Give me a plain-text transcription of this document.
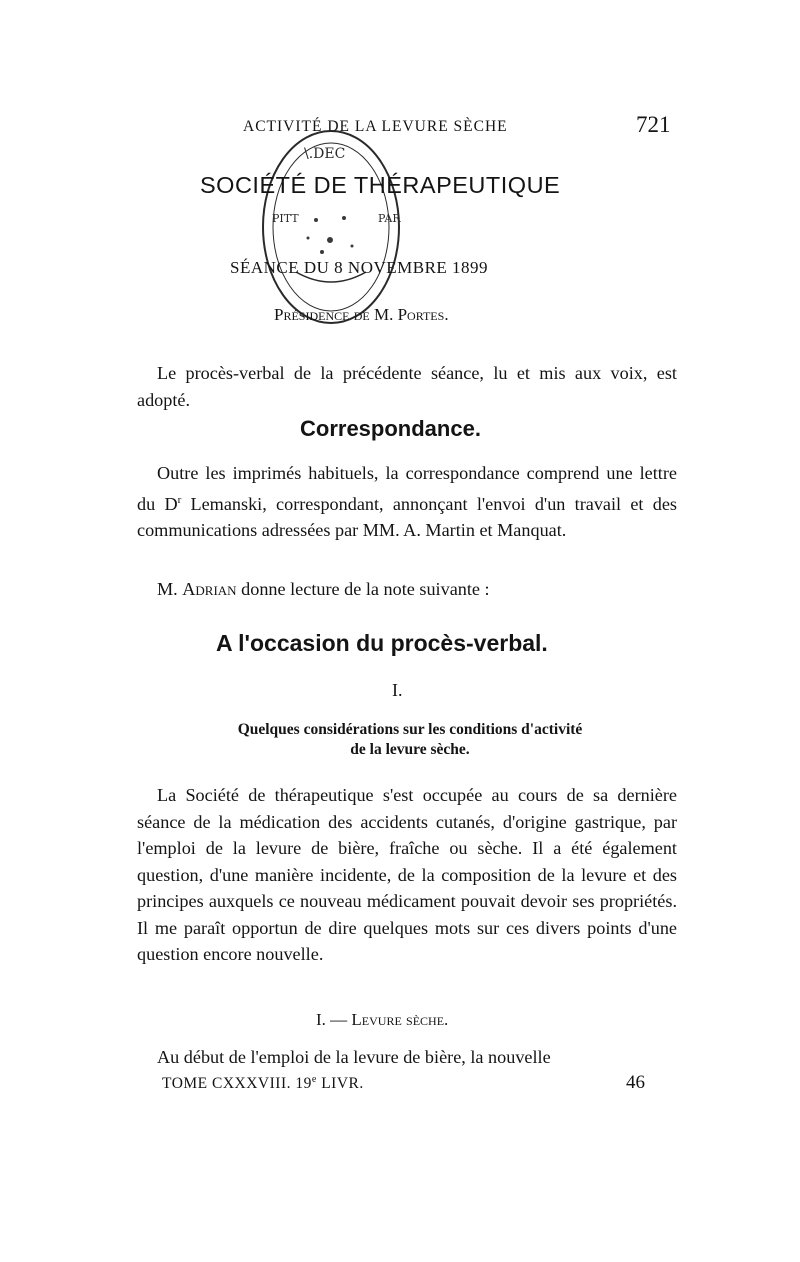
ACTIVITÉ DE LA LEVURE SÈCHE	721
\.DEC
PITT	PAR
SOCIÉTÉ DE THÉRAPEUTIQUE
SÉANCE DU 8 NOVEMBRE 1899
Présidence de M. Portes.
Le procès-verbal de la précédente séance, lu et mis aux voix, est adopté.
Correspondance.
Outre les imprimés habituels, la correspondance comprend une lettre du $D^r$ Lemanski, correspondant, annonçant l'envoi d'un travail et des communications adressées par MM. A. Martin et Manquat.
M. Adrian donne lecture de la note suivante :
A l'occasion du procès-verbal.
I.
Quelques considérations sur les conditions d'activité
de la levure sèche.
La Société de thérapeutique s'est occupée au cours de sa dernière séance de la médication des accidents cutanés, d'origine gastrique, par l'emploi de la levure de bière, fraîche ou sèche. Il a été également question, d'une manière incidente, de la composition de la levure et des principes auxquels ce nouveau médicament pouvait devoir ses propriétés. Il me paraît opportun de dire quelques mots sur ces divers points d'une question encore nouvelle.
I. — Levure sèche.
Au début de l'emploi de la levure de bière, la nouvelle
TOME CXXXVIII. 19e LIVR.	46
